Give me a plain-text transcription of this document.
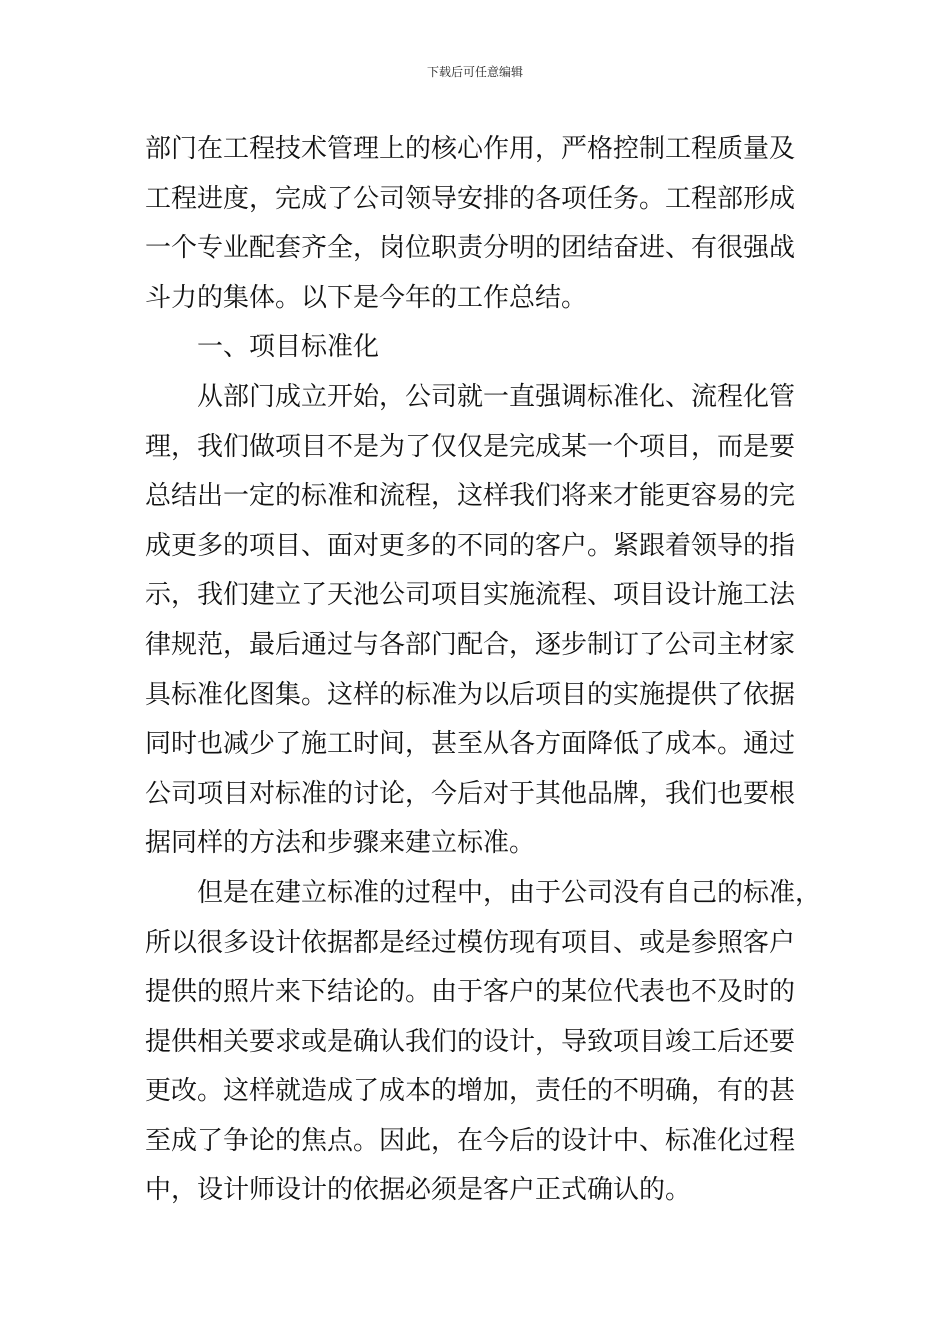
下载后可任意编辑
部门在工程技术管理上的核心作用，严格控制工程质量及
工程进度，完成了公司领导安排的各项任务。工程部形成
一个专业配套齐全，岗位职责分明的团结奋进、有很强战
斗力的集体。以下是今年的工作总结。
一、项目标准化
从部门成立开始，公司就一直强调标准化、流程化管
理，我们做项目不是为了仅仅是完成某一个项目，而是要
总结出一定的标准和流程，这样我们将来才能更容易的完
成更多的项目、面对更多的不同的客户。紧跟着领导的指
示，我们建立了天池公司项目实施流程、项目设计施工法
律规范，最后通过与各部门配合，逐步制订了公司主材家
具标准化图集。这样的标准为以后项目的实施提供了依据
同时也减少了施工时间，甚至从各方面降低了成本。通过
公司项目对标准的讨论，今后对于其他品牌，我们也要根
据同样的方法和步骤来建立标准。
但是在建立标准的过程中，由于公司没有自己的标准，
所以很多设计依据都是经过模仿现有项目、或是参照客户
提供的照片来下结论的。由于客户的某位代表也不及时的
提供相关要求或是确认我们的设计，导致项目竣工后还要
更改。这样就造成了成本的增加，责任的不明确，有的甚
至成了争论的焦点。因此，在今后的设计中、标准化过程
中，设计师设计的依据必须是客户正式确认的。
